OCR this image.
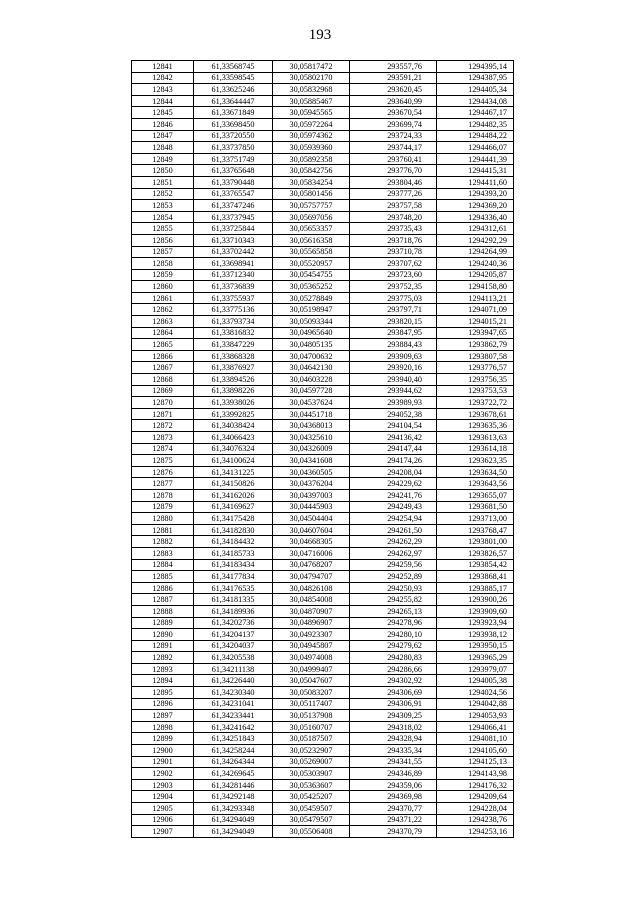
193
12841	61,33568745	30,05817472	293557,76	1294395,14
12842	61,33598545	30,05802170	293591,21	1294387,95
12843	61,33625246	30,05832968	293620,45	1294405,34
12844	61,33644447	30,05885467	293640,99	1294434,08
12845	61,33671849	30,05945565	293670,54	1294467,17
12846	61,33698450	30,05972264	293699,74	1294482,35
12847	61,33720550	30,05974362	293724,33	1294484,22
12848	61,33737850	30,05939360	293744,17	1294466,07
12849	61,33751749	30,05892358	293760,41	1294441,39
12850	61,33765648	30,05842756	293776,70	1294415,31
12851	61,33790448	30,05834254	293804,46	1294411,60
12852	61,33765547	30,05801456	293777,26	1294393,20
12853	61,33747246	30,05757757	293757,58	1294369,20
12854	61,33737945	30,05697056	293748,20	1294336,40
12855	61,33725844	30,05653357	293735,43	1294312,61
12856	61,33710343	30,05616358	293718,76	1294292,29
12857	61,33702442	30,05565858	293710,78	1294264,99
12858	61,33698941	30,05520957	293707,62	1294240,36
12859	61,33712340	30,05454755	293723,60	1294205,87
12860	61,33736839	30,05365252	293752,35	1294158,80
12861	61,33755937	30,05278849	293775,03	1294113,21
12862	61,33775136	30,05198947	293797,71	1294071,09
12863	61,33793734	30,05093344	293820,15	1294015,21
12864	61,33816832	30,04965640	293847,95	1293947,65
12865	61,33847229	30,04805135	293884,43	1293862,79
12866	61,33868328	30,04700632	293909,63	1293807,58
12867	61,33876927	30,04642130	293920,16	1293776,57
12868	61,33894526	30,04603228	293940,40	1293756,35
12869	61,33898226	30,04597728	293944,62	1293753,53
12870	61,33938026	30,04537624	293989,93	1293722,72
12871	61,33992825	30,04451718	294052,38	1293678,61
12872	61,34038424	30,04368013	294104,54	1293635,36
12873	61,34066423	30,04325610	294136,42	1293613,63
12874	61,34076324	30,04326009	294147,44	1293614,18
12875	61,34100624	30,04341608	294174,26	1293623,35
12876	61,34131225	30,04360505	294208,04	1293634,50
12877	61,34150826	30,04376204	294229,62	1293643,56
12878	61,34162026	30,04397003	294241,76	1293655,07
12879	61,34169627	30,04445903	294249,43	1293681,50
12880	61,34175428	30,04504404	294254,94	1293713,00
12881	61,34182830	30,04607604	294261,50	1293768,47
12882	61,34184432	30,04668305	294262,29	1293801,00
12883	61,34185733	30,04716006	294262,97	1293826,57
12884	61,34183434	30,04768207	294259,56	1293854,42
12885	61,34177834	30,04794707	294252,89	1293868,41
12886	61,34176535	30,04826108	294250,93	1293885,17
12887	61,34181335	30,04854008	294255,82	1293900,26
12888	61,34189936	30,04870907	294265,13	1293909,60
12889	61,34202736	30,04896907	294278,96	1293923,94
12890	61,34204137	30,04923307	294280,10	1293938,12
12891	61,34204037	30,04945807	294279,62	1293950,15
12892	61,34205538	30,04974008	294280,83	1293965,29
12893	61,34211138	30,04999407	294286,66	1293979,07
12894	61,34226440	30,05047607	294302,92	1294005,38
12895	61,34230340	30,05083207	294306,69	1294024,56
12896	61,34231041	30,05117407	294306,91	1294042,88
12897	61,34233441	30,05137908	294309,25	1294053,93
12898	61,34241642	30,05160707	294318,02	1294066,41
12899	61,34251843	30,05187507	294328,94	1294081,10
12900	61,34258244	30,05232907	294335,34	1294105,60
12901	61,34264344	30,05269007	294341,55	1294125,13
12902	61,34269645	30,05303907	294346,89	1294143,98
12903	61,34281446	30,05363607	294359,06	1294176,32
12904	61,34292148	30,05425207	294369,98	1294209,64
12905	61,34293348	30,05459507	294370,77	1294228,04
12906	61,34294049	30,05479507	294371,22	1294238,76
12907	61,34294049	30,05506408	294370,79	1294253,16
